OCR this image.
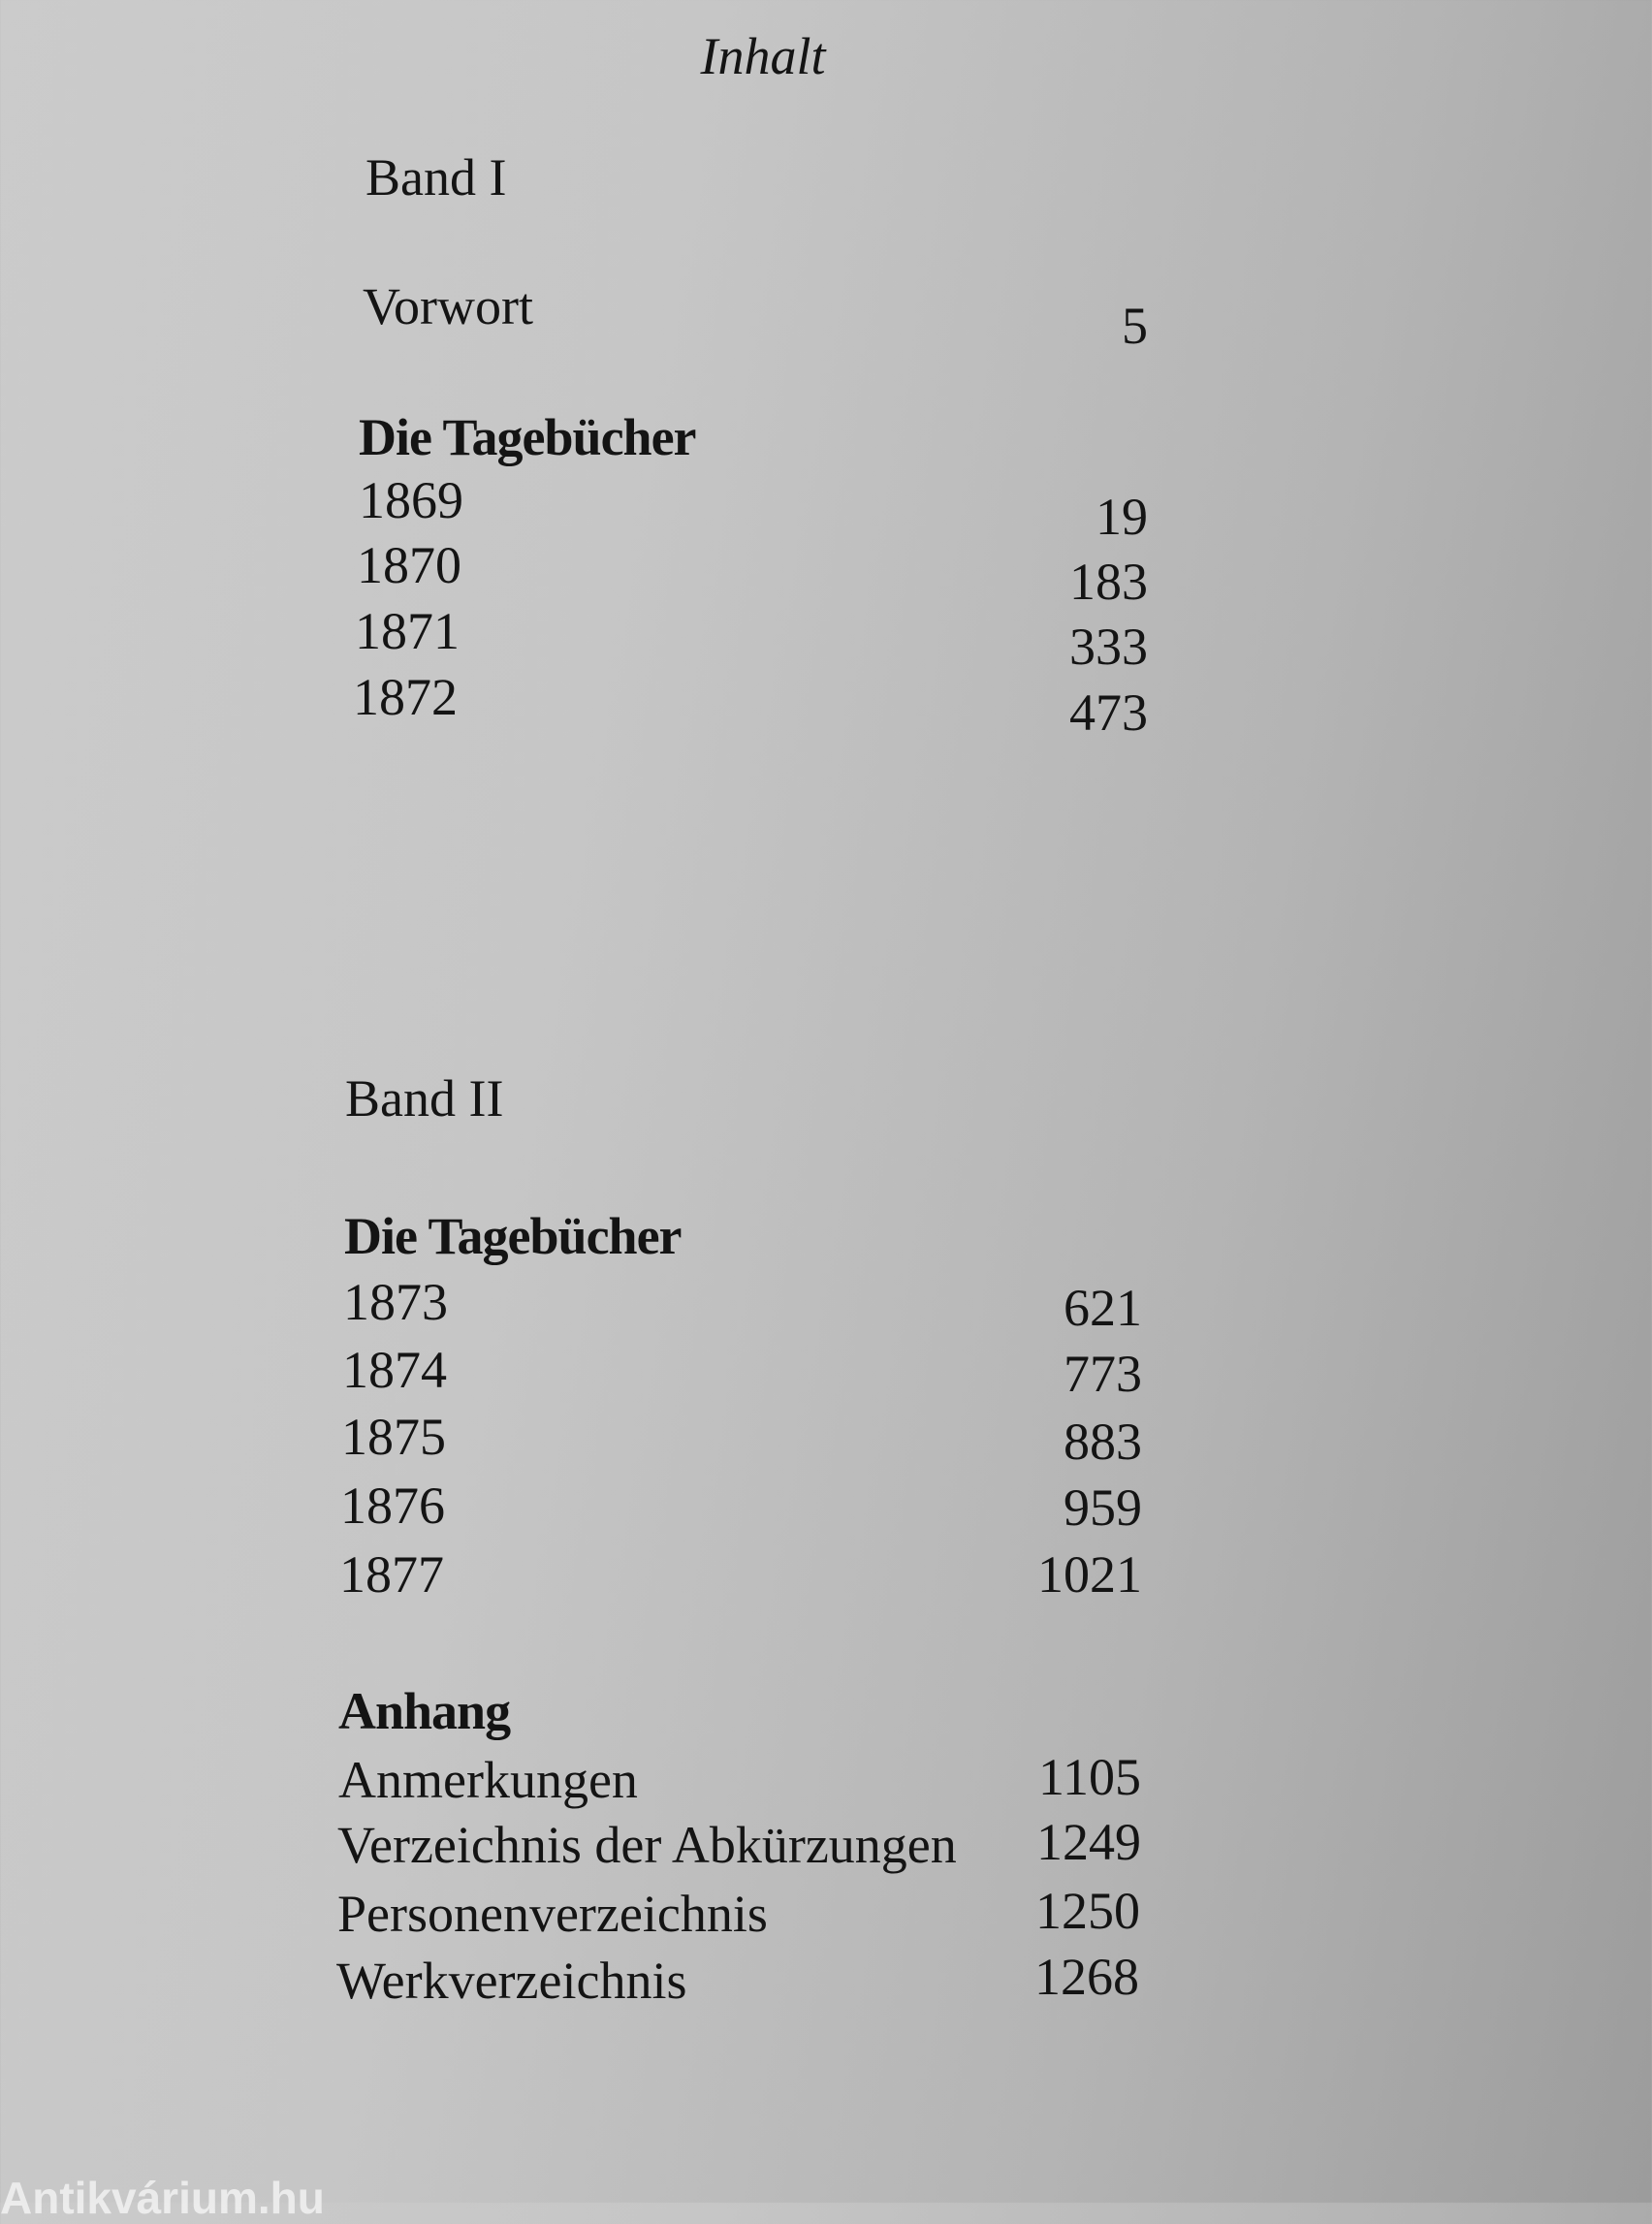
Inhalt
Band I
Vorwort	5
Die Tagebücher
1869	19
1870	183
1871	333
1872	473
Band II
Die Tagebücher
1873	621
1874	773
1875	883
1876	959
1877	1021
Anhang
Anmerkungen	1105
Verzeichnis der Abkürzungen	1249
Personenverzeichnis	1250
Werkverzeichnis	1268
Antikvárium.hu
